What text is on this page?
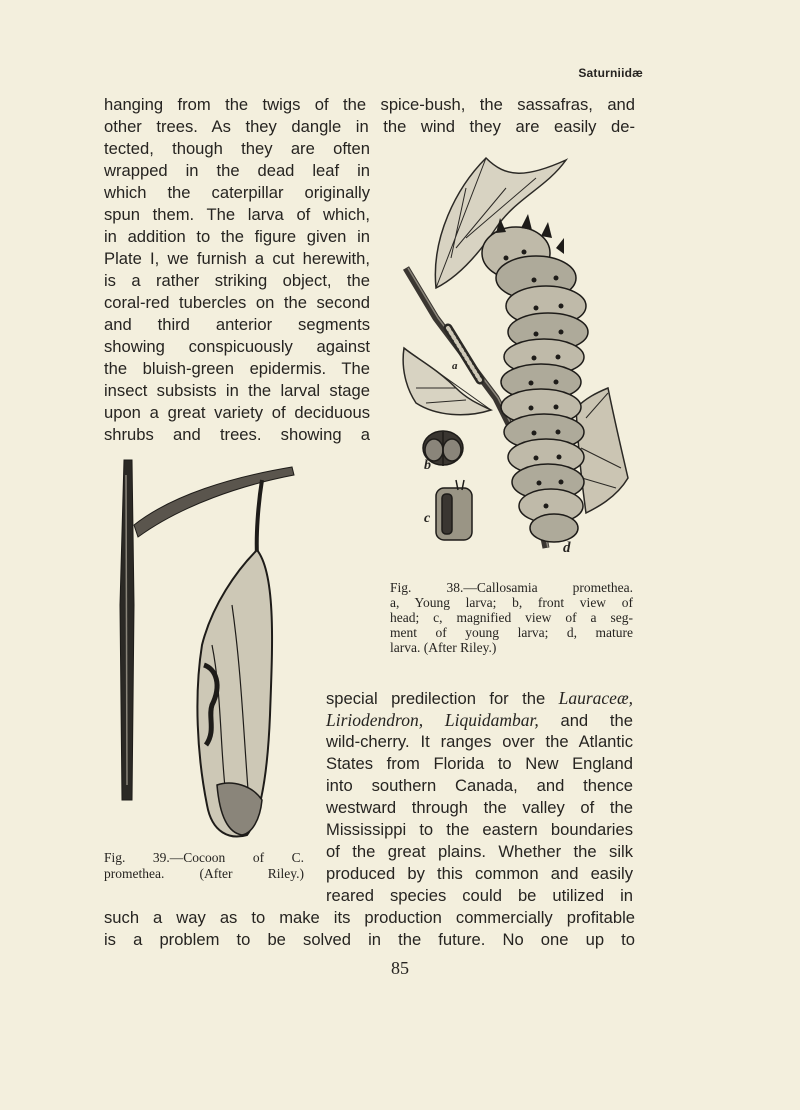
Saturniidæ
hanging from the twigs of the spice-bush, the sassafras, and
other trees. As they dangle in the wind they are easily de-
tected, though they are often
wrapped in the dead leaf in
which the caterpillar originally
spun them. The larva of which,
in addition to the figure given in
Plate I, we furnish a cut herewith,
is a rather striking object, the
coral-red tubercles on the second
and third anterior segments
showing conspicuously against
the bluish-green epidermis. The
insect subsists in the larval stage
upon a great variety of deciduous
shrubs and trees. showing a
a
b
c
d
Fig. 38.—Callosamia promethea.
a, Young larva; b, front view of
head; c, magnified view of a seg-
ment of young larva; d, mature
larva. (After Riley.)
Fig. 39.—Cocoon of C.
promethea. (After Riley.)
special predilection for the Lauraceæ,
Liriodendron, Liquidambar, and the
wild-cherry. It ranges over the Atlantic
States from Florida to New England
into southern Canada, and thence
westward through the valley of the
Mississippi to the eastern boundaries
of the great plains. Whether the silk
produced by this common and easily
reared species could be utilized in
such a way as to make its production commercially profitable
is a problem to be solved in the future. No one up to
85
